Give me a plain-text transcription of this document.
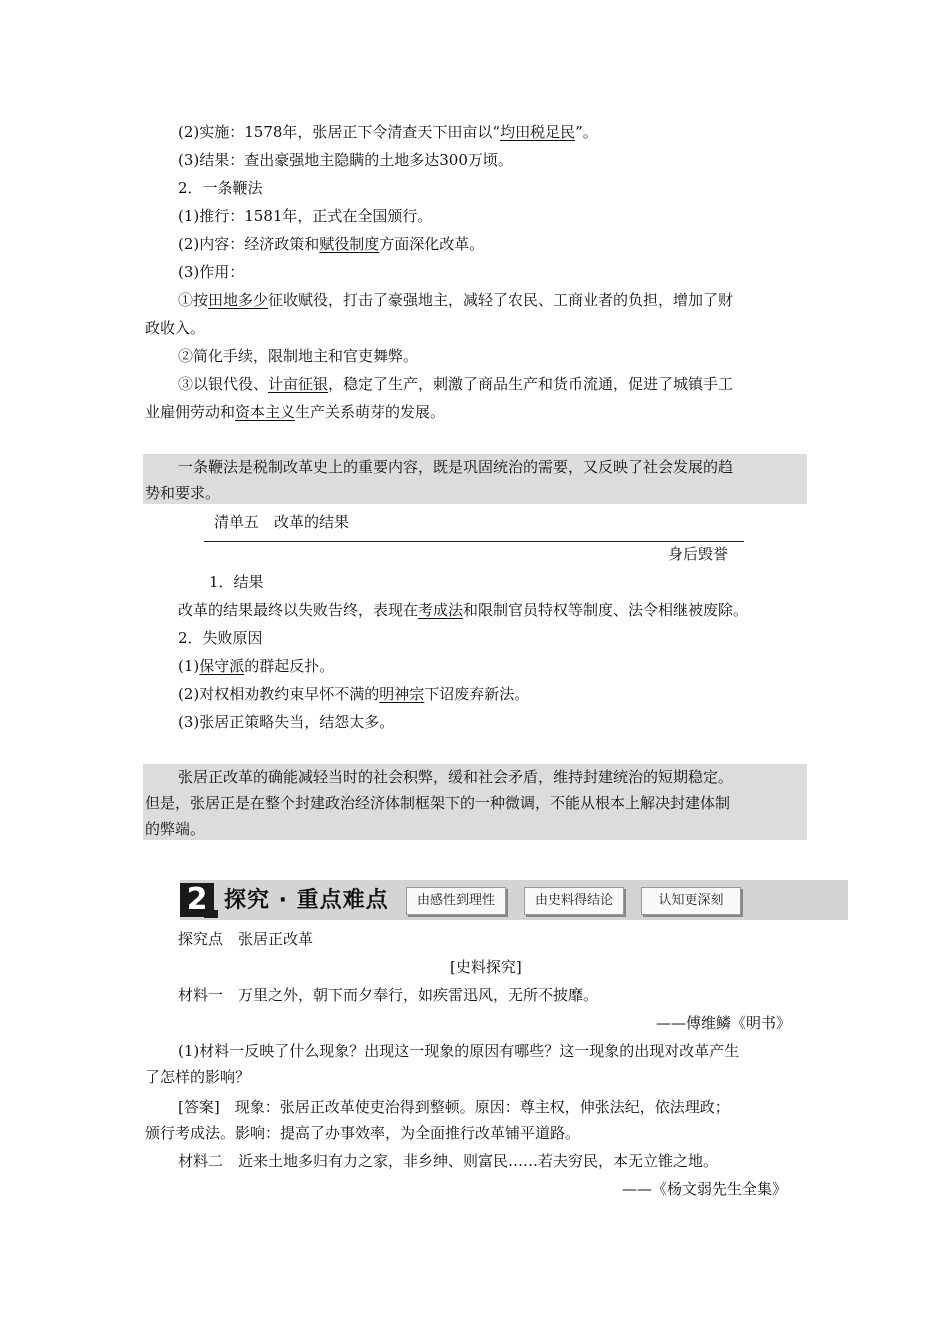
(2)实施：1578年，张居正下令清查天下田亩以“均田税足民”。
(3)结果：查出豪强地主隐瞒的土地多达300万顷。
2．一条鞭法
(1)推行：1581年，正式在全国颁行。
(2)内容：经济政策和赋役制度方面深化改革。
(3)作用：
①按田地多少征收赋役，打击了豪强地主，减轻了农民、工商业者的负担，增加了财
政收入。
②简化手续，限制地主和官吏舞弊。
③以银代役、计亩征银，稳定了生产，刺激了商品生产和货币流通，促进了城镇手工
业雇佣劳动和资本主义生产关系萌芽的发展。
一条鞭法是税制改革史上的重要内容，既是巩固统治的需要，又反映了社会发展的趋
势和要求。
清单五　改革的结果
身后毁誉
1．结果
改革的结果最终以失败告终，表现在考成法和限制官员特权等制度、法令相继被废除。
2．失败原因
(1)保守派的群起反扑。
(2)对权相劝教约束早怀不满的明神宗下诏废弃新法。
(3)张居正策略失当，结怨太多。
张居正改革的确能减轻当时的社会积弊，缓和社会矛盾，维持封建统治的短期稳定。
但是，张居正是在整个封建政治经济体制框架下的一种微调，不能从根本上解决封建体制
的弊端。
2 探究 · 重点难点	由感性到理性	由史料得结论	认知更深刻
探究点　张居正改革
[史料探究]
材料一　万里之外，朝下而夕奉行，如疾雷迅风，无所不披靡。
——傅维鳞《明书》
(1)材料一反映了什么现象？出现这一现象的原因有哪些？这一现象的出现对改革产生
了怎样的影响？
[答案]　现象：张居正改革使吏治得到整顿。原因：尊主权，伸张法纪，依法理政；
颁行考成法。影响：提高了办事效率，为全面推行改革铺平道路。
材料二　近来土地多归有力之家，非乡绅、则富民……若夫穷民，本无立锥之地。
——《杨文弱先生全集》
